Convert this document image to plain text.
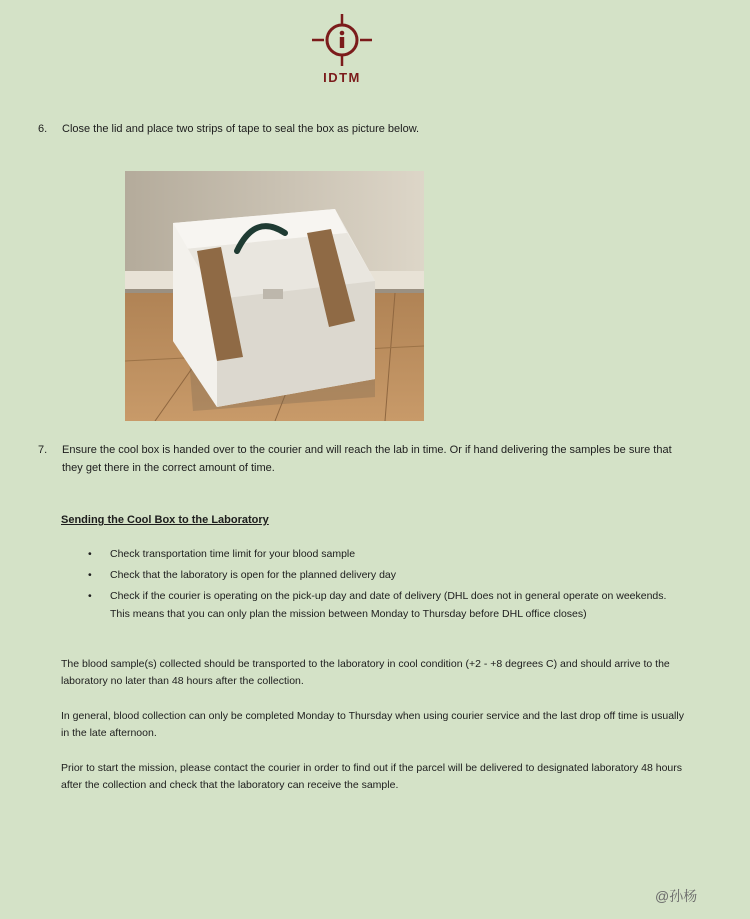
IDTM
6. Close the lid and place two strips of tape to seal the box as picture below.
7. Ensure the cool box is handed over to the courier and will reach the lab in time. Or if hand delivering the samples be sure that they get there in the correct amount of time.
Sending the Cool Box to the Laboratory
• Check transportation time limit for your blood sample
• Check that the laboratory is open for the planned delivery day
• Check if the courier is operating on the pick-up day and date of delivery (DHL does not in general operate on weekends. This means that you can only plan the mission between Monday to Thursday before DHL office closes)
The blood sample(s) collected should be transported to the laboratory in cool condition (+2 - +8 degrees C) and should arrive to the laboratory no later than 48 hours after the collection.
In general, blood collection can only be completed Monday to Thursday when using courier service and the last drop off time is usually in the late afternoon.
Prior to start the mission, please contact the courier in order to find out if the parcel will be delivered to designated laboratory 48 hours after the collection and check that the laboratory can receive the sample.
@孙杨
